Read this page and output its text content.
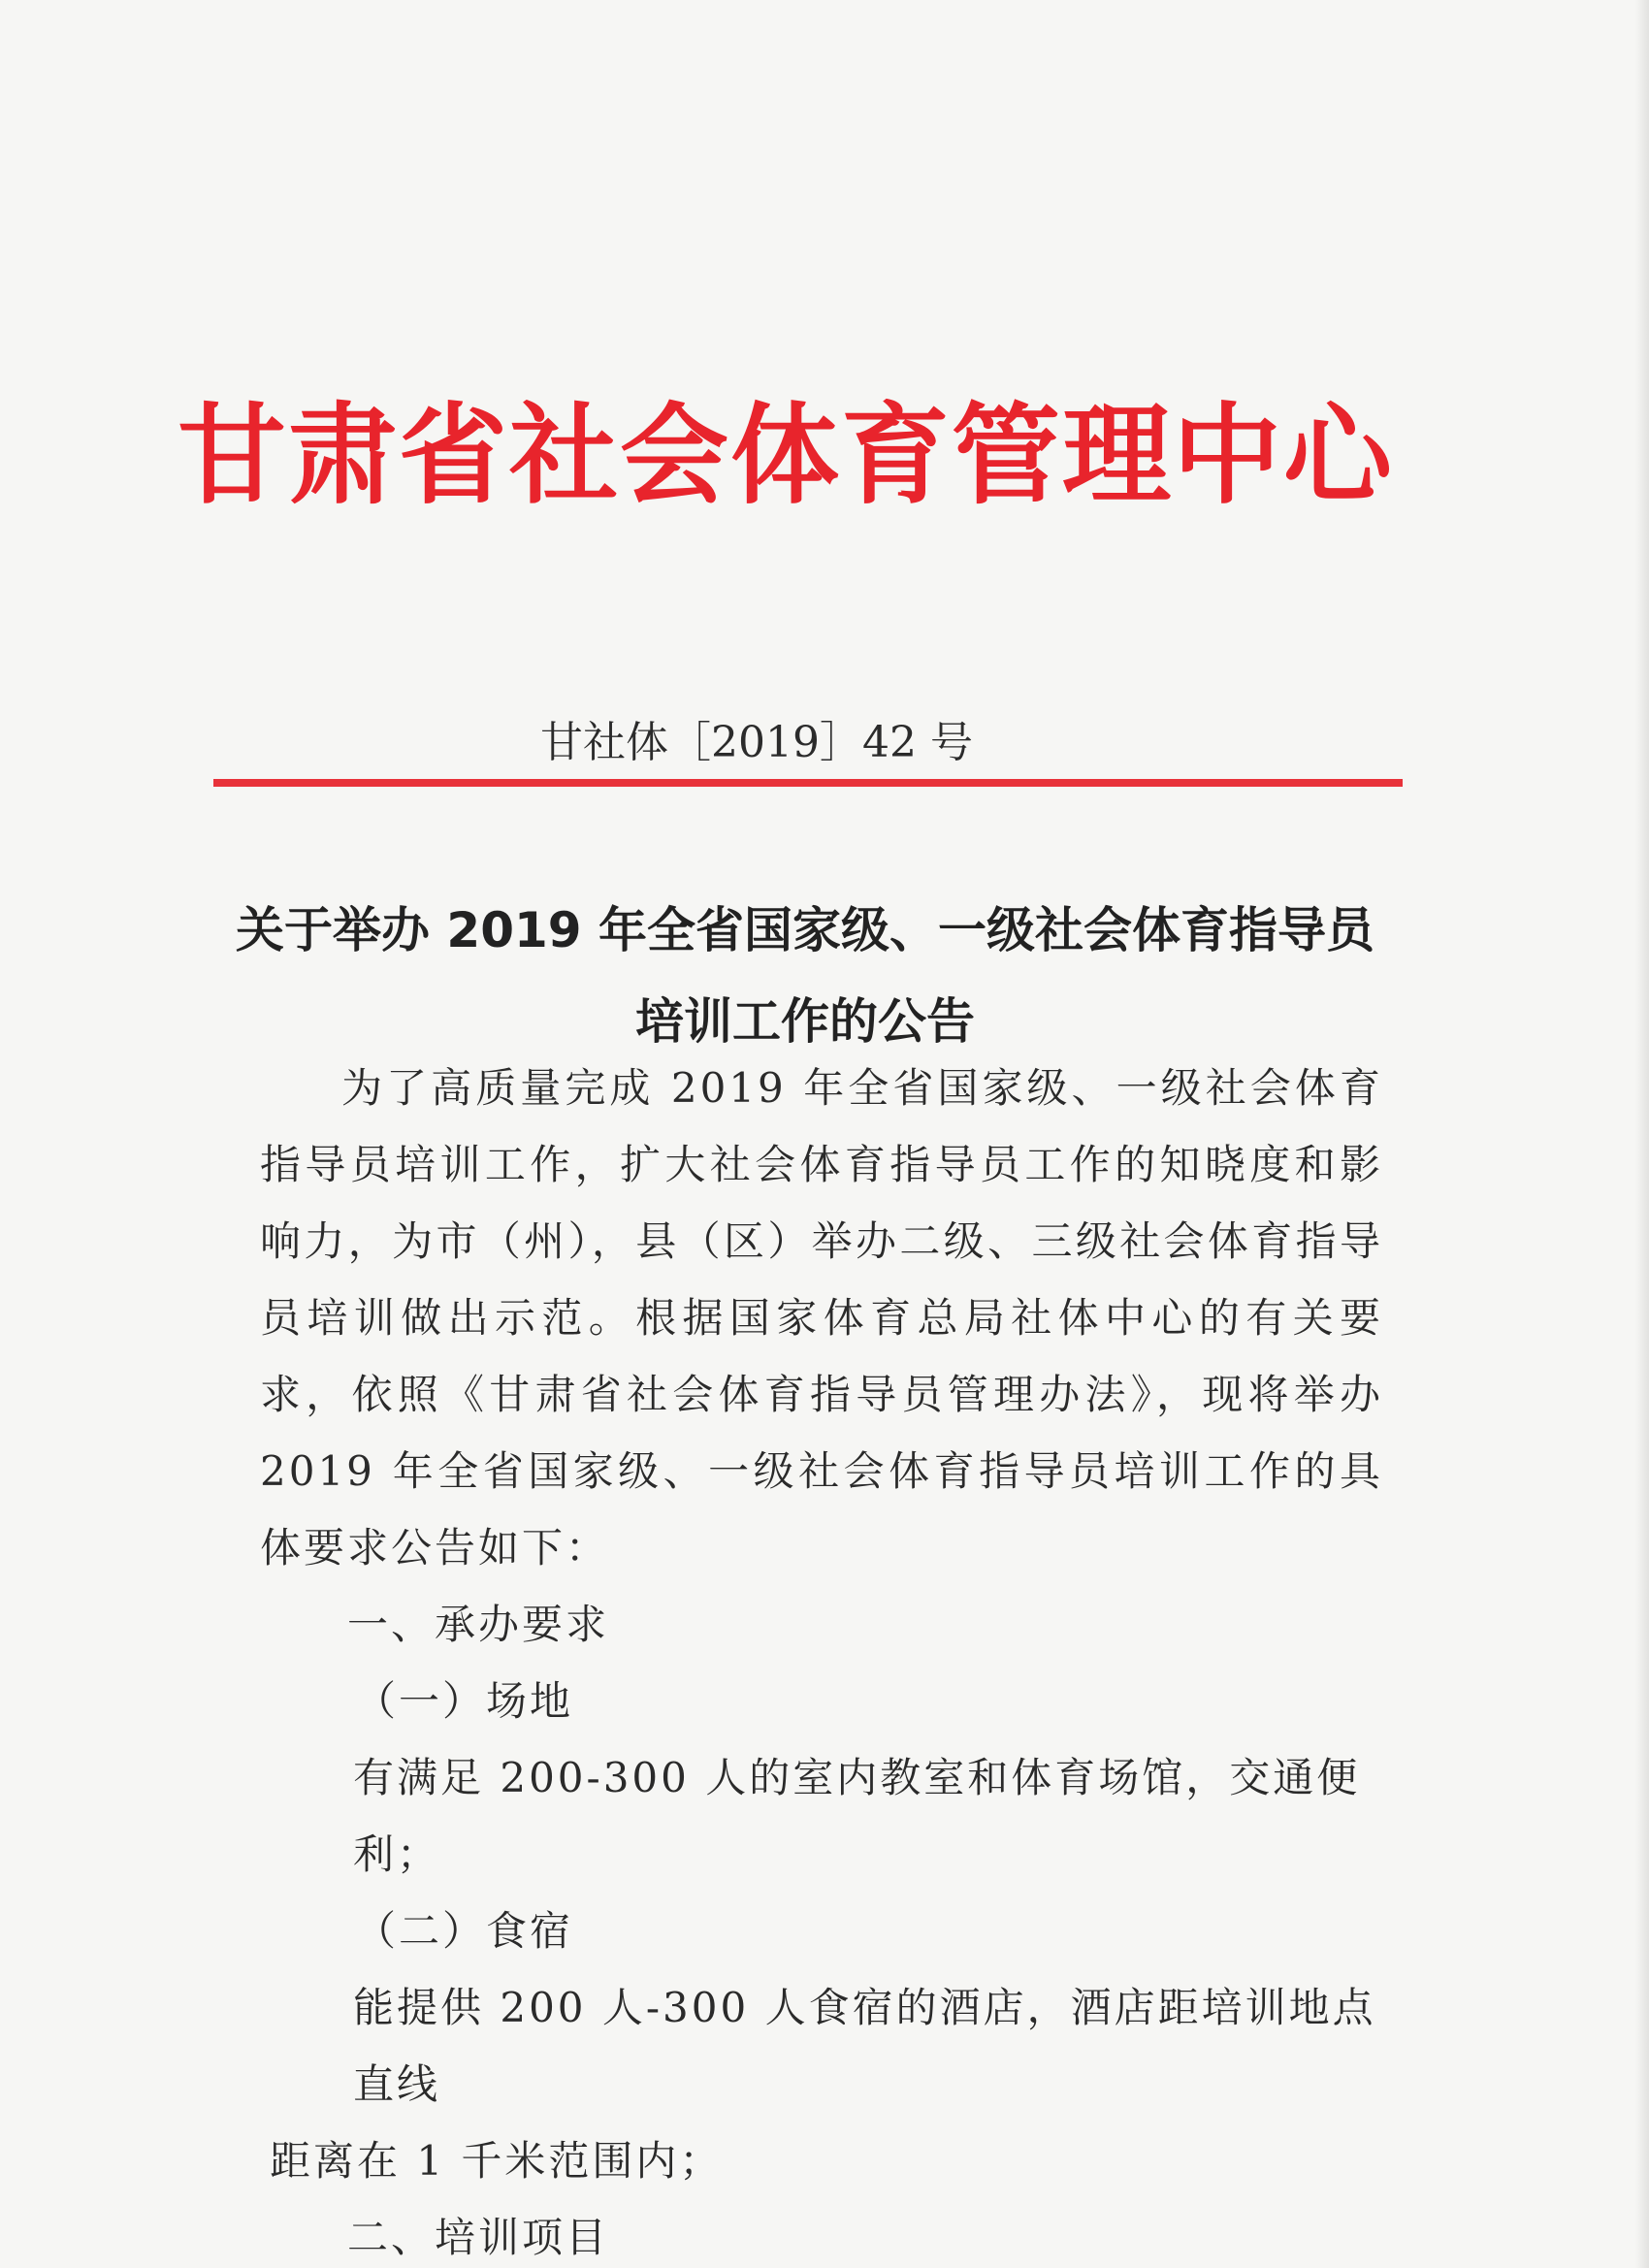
甘肃省社会体育管理中心
甘社体［2019］42 号
关于举办 2019 年全省国家级、一级社会体育指导员
培训工作的公告

为了高质量完成 2019 年全省国家级、一级社会体育指导员培训工作，扩大社会体育指导员工作的知晓度和影响力，为市（州），县（区）举办二级、三级社会体育指导员培训做出示范。根据国家体育总局社体中心的有关要求，依照《甘肃省社会体育指导员管理办法》，现将举办 2019 年全省国家级、一级社会体育指导员培训工作的具体要求公告如下：

一、承办要求

（一）场地

有满足 200-300 人的室内教室和体育场馆，交通便利；

（二）食宿

能提供 200 人-300 人食宿的酒店，酒店距培训地点直线

距离在 1 千米范围内；

二、培训项目
